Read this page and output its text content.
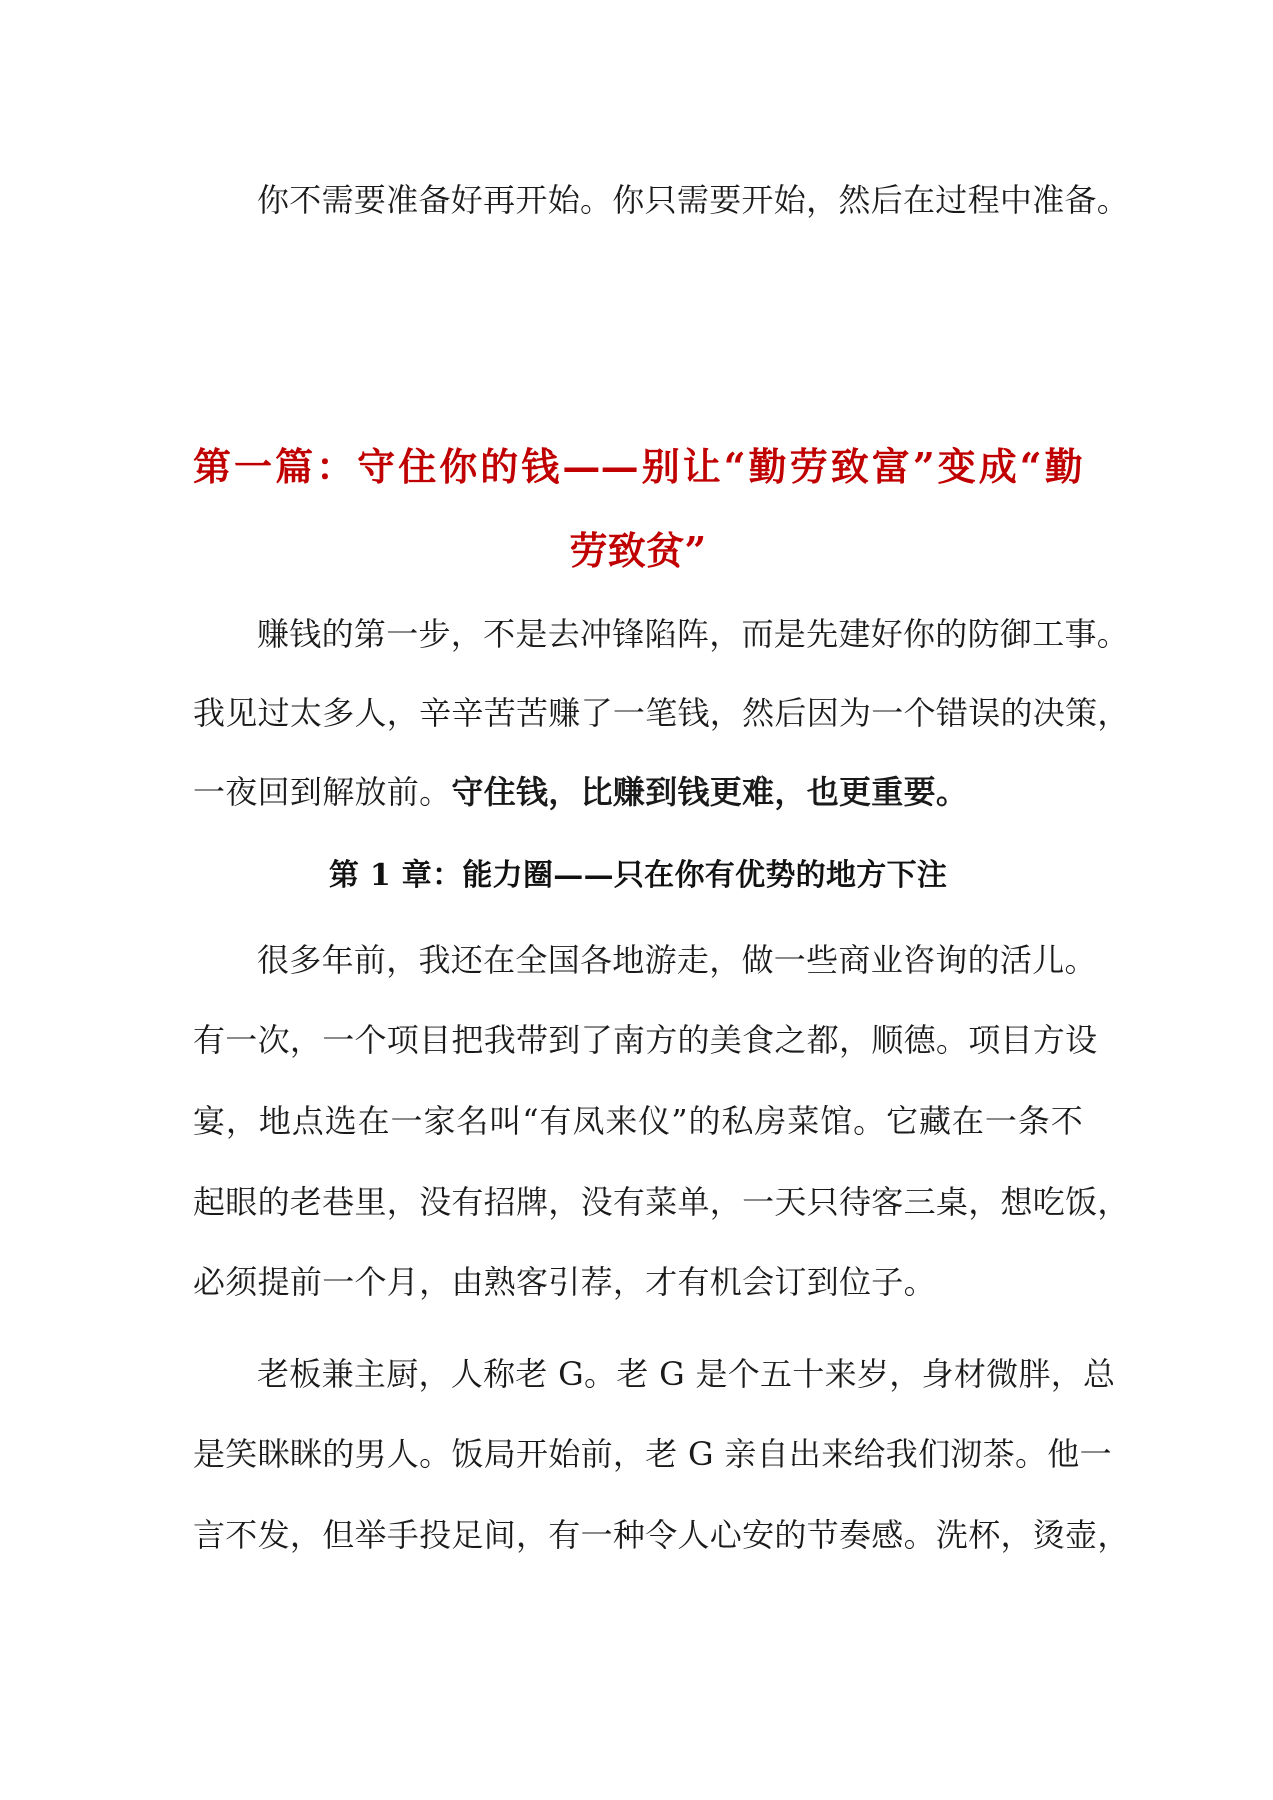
你不需要准备好再开始。你只需要开始，然后在过程中准备。
第一篇：守住你的钱——别让“勤劳致富”变成“勤
劳致贫”
赚钱的第一步，不是去冲锋陷阵，而是先建好你的防御工事。
我见过太多人，辛辛苦苦赚了一笔钱，然后因为一个错误的决策，
一夜回到解放前。守住钱，比赚到钱更难，也更重要。
第 1 章：能力圈——只在你有优势的地方下注
很多年前，我还在全国各地游走，做一些商业咨询的活儿。
有一次，一个项目把我带到了南方的美食之都，顺德。项目方设
宴，地点选在一家名叫“有凤来仪”的私房菜馆。它藏在一条不
起眼的老巷里，没有招牌，没有菜单，一天只待客三桌，想吃饭，
必须提前一个月，由熟客引荐，才有机会订到位子。
老板兼主厨，人称老 G。老 G 是个五十来岁，身材微胖，总
是笑眯眯的男人。饭局开始前，老 G 亲自出来给我们沏茶。他一
言不发，但举手投足间，有一种令人心安的节奏感。洗杯，烫壶，
